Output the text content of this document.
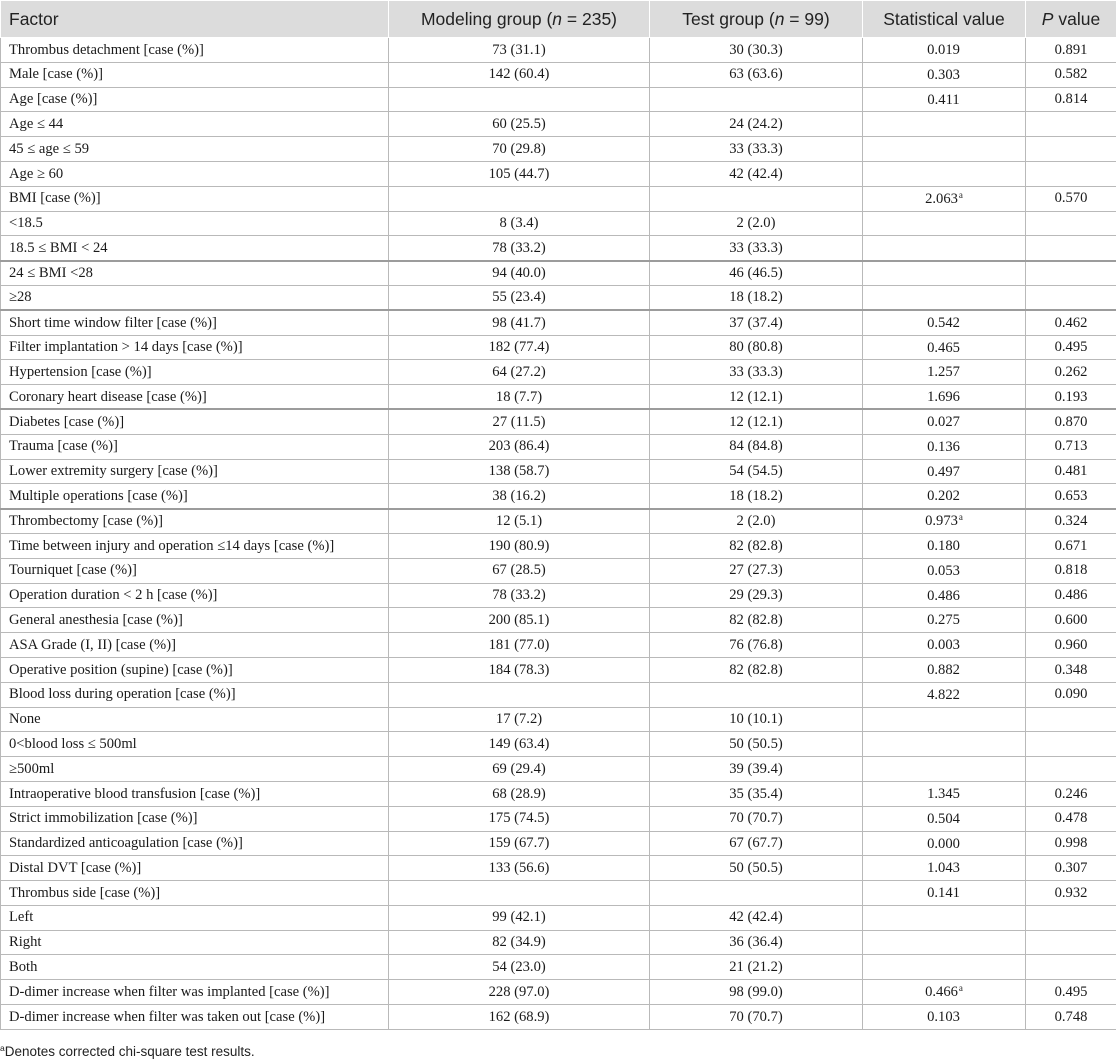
Factor	Modeling group (n = 235)	Test group (n = 99)	Statistical value	P value
Thrombus detachment [case (%)]	73 (31.1)	30 (30.3)	0.019	0.891
Male [case (%)]	142 (60.4)	63 (63.6)	0.303	0.582
Age [case (%)]			0.411	0.814
Age ≤ 44	60 (25.5)	24 (24.2)		
45 ≤ age ≤ 59	70 (29.8)	33 (33.3)		
Age ≥ 60	105 (44.7)	42 (42.4)		
BMI [case (%)]			2.063$^a$	0.570
<18.5	8 (3.4)	2 (2.0)		
18.5 ≤ BMI < 24	78 (33.2)	33 (33.3)		
24 ≤ BMI <28	94 (40.0)	46 (46.5)		
≥28	55 (23.4)	18 (18.2)		
Short time window filter [case (%)]	98 (41.7)	37 (37.4)	0.542	0.462
Filter implantation > 14 days [case (%)]	182 (77.4)	80 (80.8)	0.465	0.495
Hypertension [case (%)]	64 (27.2)	33 (33.3)	1.257	0.262
Coronary heart disease [case (%)]	18 (7.7)	12 (12.1)	1.696	0.193
Diabetes [case (%)]	27 (11.5)	12 (12.1)	0.027	0.870
Trauma [case (%)]	203 (86.4)	84 (84.8)	0.136	0.713
Lower extremity surgery [case (%)]	138 (58.7)	54 (54.5)	0.497	0.481
Multiple operations [case (%)]	38 (16.2)	18 (18.2)	0.202	0.653
Thrombectomy [case (%)]	12 (5.1)	2 (2.0)	0.973$^a$	0.324
Time between injury and operation ≤14 days [case (%)]	190 (80.9)	82 (82.8)	0.180	0.671
Tourniquet [case (%)]	67 (28.5)	27 (27.3)	0.053	0.818
Operation duration < 2 h [case (%)]	78 (33.2)	29 (29.3)	0.486	0.486
General anesthesia [case (%)]	200 (85.1)	82 (82.8)	0.275	0.600
ASA Grade (I, II) [case (%)]	181 (77.0)	76 (76.8)	0.003	0.960
Operative position (supine) [case (%)]	184 (78.3)	82 (82.8)	0.882	0.348
Blood loss during operation [case (%)]			4.822	0.090
None	17 (7.2)	10 (10.1)		
0<blood loss ≤ 500ml	149 (63.4)	50 (50.5)		
≥500ml	69 (29.4)	39 (39.4)		
Intraoperative blood transfusion [case (%)]	68 (28.9)	35 (35.4)	1.345	0.246
Strict immobilization [case (%)]	175 (74.5)	70 (70.7)	0.504	0.478
Standardized anticoagulation [case (%)]	159 (67.7)	67 (67.7)	0.000	0.998
Distal DVT [case (%)]	133 (56.6)	50 (50.5)	1.043	0.307
Thrombus side [case (%)]			0.141	0.932
Left	99 (42.1)	42 (42.4)		
Right	82 (34.9)	36 (36.4)		
Both	54 (23.0)	21 (21.2)		
D-dimer increase when filter was implanted [case (%)]	228 (97.0)	98 (99.0)	0.466$^a$	0.495
D-dimer increase when filter was taken out [case (%)]	162 (68.9)	70 (70.7)	0.103	0.748
$^a$Denotes corrected chi-square test results.
